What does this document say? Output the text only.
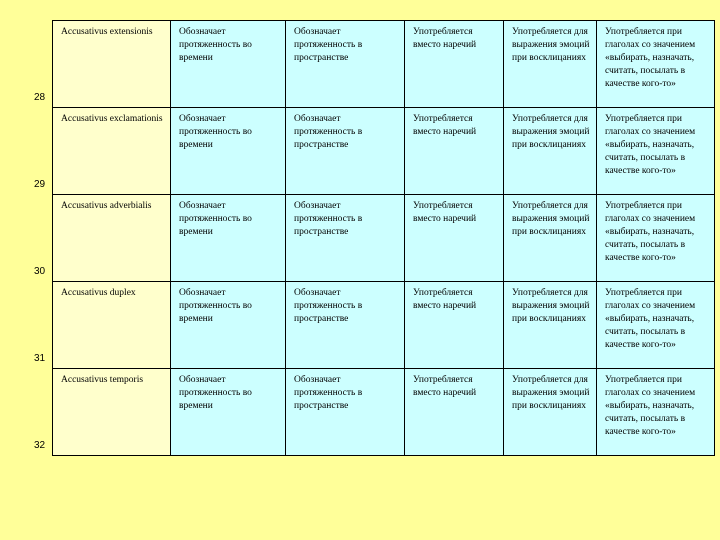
Accusativus extensionis	Обозначает протяженность во времени	Обозначает протяженность в пространстве	Употребляется вместо наречий	Употребляется для выражения эмоций при восклицаниях	Употребляется при глаголах со значением «выбирать, назначать, считать, посылать в качестве кого-то»
Accusativus exclamationis	Обозначает протяженность во времени	Обозначает протяженность в пространстве	Употребляется вместо наречий	Употребляется для выражения эмоций при восклицаниях	Употребляется при глаголах со значением «выбирать, назначать, считать, посылать в качестве кого-то»
Accusativus adverbialis	Обозначает протяженность во времени	Обозначает протяженность в пространстве	Употребляется вместо наречий	Употребляется для выражения эмоций при восклицаниях	Употребляется при глаголах со значением «выбирать, назначать, считать, посылать в качестве кого-то»
Accusativus duplex	Обозначает протяженность во времени	Обозначает протяженность в пространстве	Употребляется вместо наречий	Употребляется для выражения эмоций при восклицаниях	Употребляется при глаголах со значением «выбирать, назначать, считать, посылать в качестве кого-то»
Accusativus temporis	Обозначает протяженность во времени	Обозначает протяженность в пространстве	Употребляется вместо наречий	Употребляется для выражения эмоций при восклицаниях	Употребляется при глаголах со значением «выбирать, назначать, считать, посылать в качестве кого-то»
28
29
30
31
32
